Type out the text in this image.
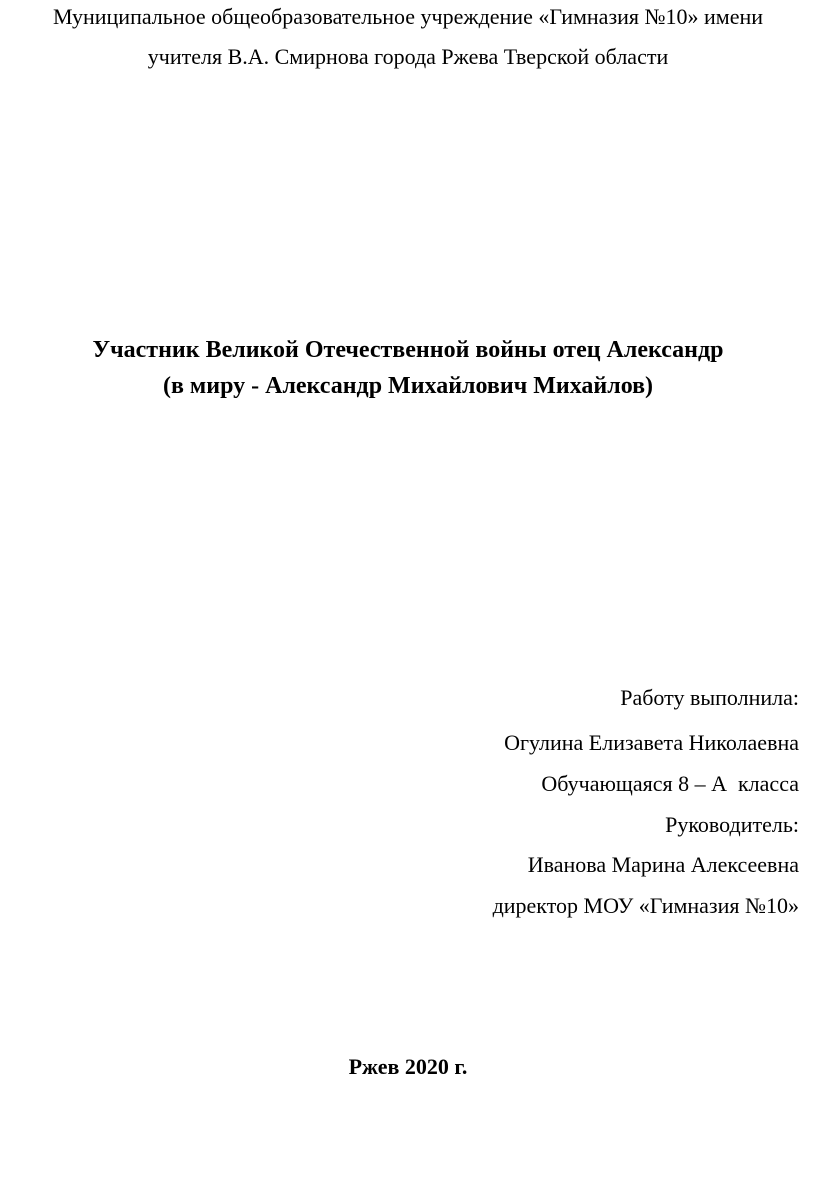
Муниципальное общеобразовательное учреждение «Гимназия №10» имени
учителя В.А. Смирнова города Ржева Тверской области
Участник Великой Отечественной войны отец Александр
(в миру - Александр Михайлович Михайлов)
Работу выполнила:
Огулина Елизавета Николаевна
Обучающаяся 8 – А  класса
Руководитель:
Иванова Марина Алексеевна
директор МОУ «Гимназия №10»
Ржев 2020 г.
